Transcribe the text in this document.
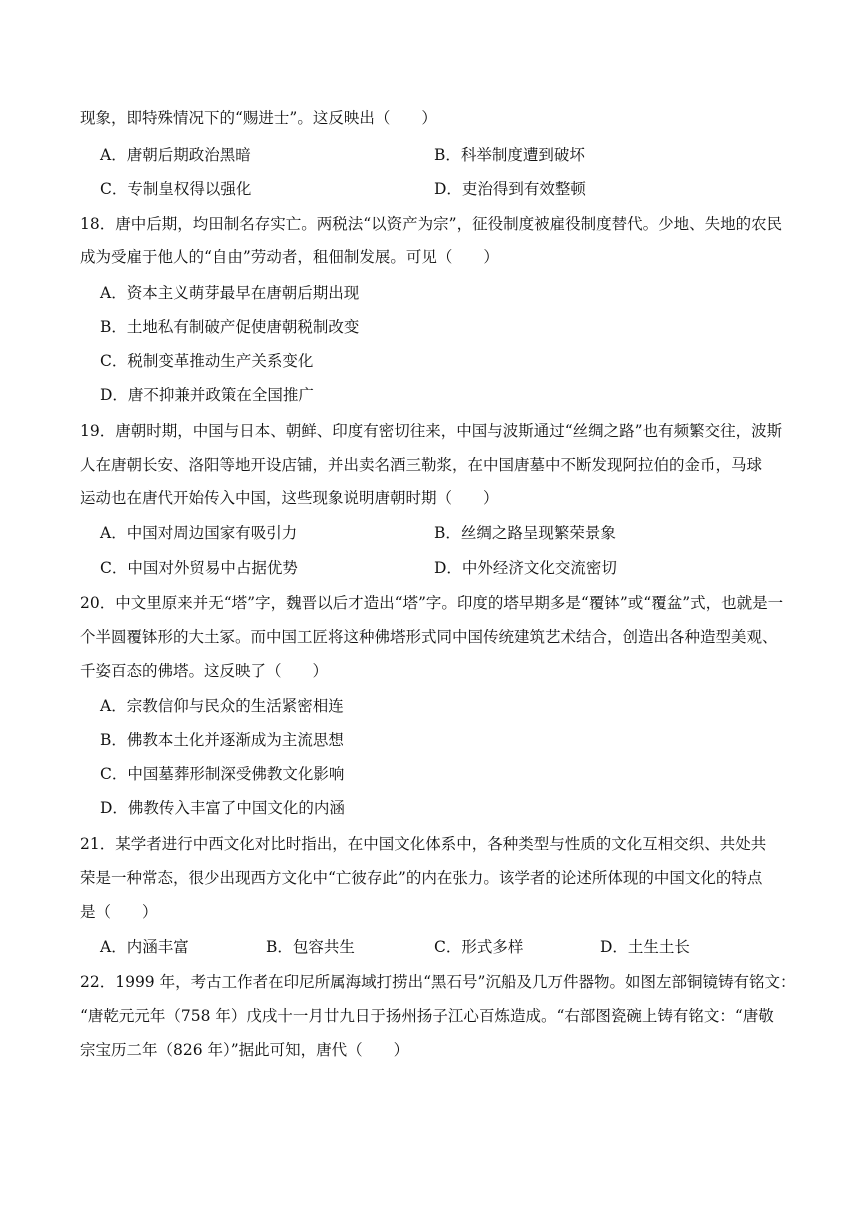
现象，即特殊情况下的“赐进士”。这反映出（　　）
A．唐朝后期政治黑暗	B．科举制度遭到破坏
C．专制皇权得以强化	D．吏治得到有效整顿
18．唐中后期，均田制名存实亡。两税法“以资产为宗”，征役制度被雇役制度替代。少地、失地的农民
成为受雇于他人的“自由”劳动者，租佃制发展。可见（　　）
A．资本主义萌芽最早在唐朝后期出现
B．土地私有制破产促使唐朝税制改变
C．税制变革推动生产关系变化
D．唐不抑兼并政策在全国推广
19．唐朝时期，中国与日本、朝鲜、印度有密切往来，中国与波斯通过“丝绸之路”也有频繁交往，波斯
人在唐朝长安、洛阳等地开设店铺，并出卖名酒三勒浆，在中国唐墓中不断发现阿拉伯的金币，马球
运动也在唐代开始传入中国，这些现象说明唐朝时期（　　）
A．中国对周边国家有吸引力	B．丝绸之路呈现繁荣景象
C．中国对外贸易中占据优势	D．中外经济文化交流密切
20．中文里原来并无“塔”字，魏晋以后才造出“塔”字。印度的塔早期多是“覆钵”或“覆盆”式，也就是一
个半圆覆钵形的大土冢。而中国工匠将这种佛塔形式同中国传统建筑艺术结合，创造出各种造型美观、
千姿百态的佛塔。这反映了（　　）
A．宗教信仰与民众的生活紧密相连
B．佛教本土化并逐渐成为主流思想
C．中国墓葬形制深受佛教文化影响
D．佛教传入丰富了中国文化的内涵
21．某学者进行中西文化对比时指出，在中国文化体系中，各种类型与性质的文化互相交织、共处共
荣是一种常态，很少出现西方文化中“亡彼存此”的内在张力。该学者的论述所体现的中国文化的特点
是（　　）
A．内涵丰富	B．包容共生	C．形式多样	D．土生土长
22．1999 年，考古工作者在印尼所属海域打捞出“黑石号”沉船及几万件器物。如图左部铜镜铸有铭文：
“唐乾元元年（758 年）戊戌十一月廿九日于扬州扬子江心百炼造成。“右部图瓷碗上铸有铭文：“唐敬
宗宝历二年（826 年）”据此可知，唐代（　　）
